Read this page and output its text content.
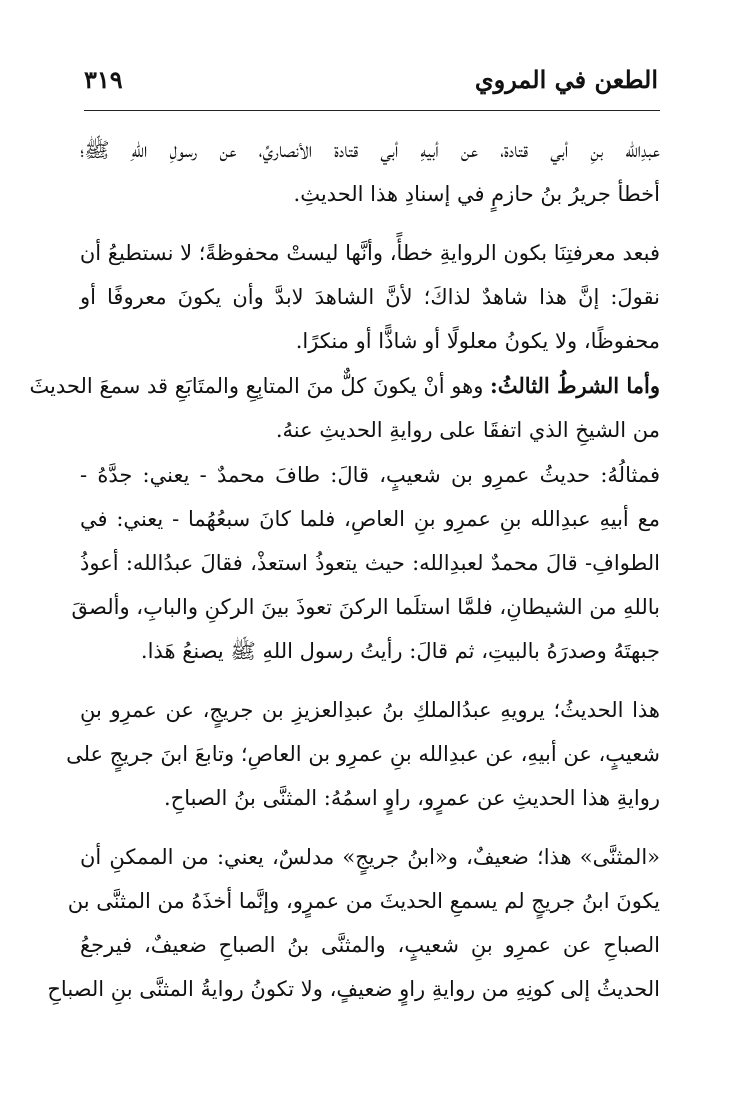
الطعن في المروي
٣١٩
عبدِالله بنِ أبي قتادة، عن أبيهِ أبي قتادة الأنصاريِّ، عن رسولِ اللهِ ﷺ؛
أخطأ جريرُ بنُ حازمٍ في إسنادِ هذا الحديثِ.
فبعد معرفتِنَا بكون الروايةِ خطأً، وأنَّها ليستْ محفوظةً؛ لا نستطيعُ أن
نقولَ: إنَّ هذا شاهدٌ لذاكَ؛ لأنَّ الشاهدَ لابدَّ وأن يكونَ معروفًا أو
محفوظًا، ولا يكونُ معلولًا أو شاذًّا أو منكرًا.
وأما الشرطُ الثالثُ: وهو أنْ يكونَ كلٌّ منَ المتابِعِ والمتَابَعِ قد سمعَ الحديثَ
من الشيخِ الذي اتفقَا على روايةِ الحديثِ عنهُ.
فمثالُهُ: حديثُ عمرِو بن شعيبٍ، قالَ: طافَ محمدٌ - يعني: جدَّهُ -
مع أبيهِ عبدِالله بنِ عمرِو بنِ العاصِ، فلما كانَ سبعُهُما - يعني: في
الطوافِ- قالَ محمدٌ لعبدِالله: حيث يتعوذُ استعذْ، فقالَ عبدُالله: أعوذُ
باللهِ من الشيطانِ، فلمَّا استلَما الركنَ تعوذَ بينَ الركنِ والبابِ، وألصقَ
جبهتَهُ وصدرَهُ بالبيتِ، ثم قالَ: رأيتُ رسول اللهِ ﷺ يصنعُ هَذا.
هذا الحديثُ؛ يرويهِ عبدُالملكِ بنُ عبدِالعزيزِ بن جريجٍ، عن عمرِو بنِ
شعيبٍ، عن أبيهِ، عن عبدِالله بنِ عمرِو بن العاصِ؛ وتابعَ ابنَ جريجٍ على
روايةِ هذا الحديثِ عن عمرٍو، راوٍ اسمُهُ: المثنَّى بنُ الصباحِ.
«المثنَّى» هذا؛ ضعيفٌ، و«ابنُ جريجٍ» مدلسٌ، يعني: من الممكنِ أن
يكونَ ابنُ جريجٍ لم يسمعِ الحديثَ من عمرٍو، وإنَّما أخذَهُ من المثنَّى بن
الصباحِ عن عمرِو بنِ شعيبٍ، والمثنَّى بنُ الصباحِ ضعيفٌ، فيرجعُ
الحديثُ إلى كونِهِ من روايةِ راوٍ ضعيفٍ، ولا تكونُ روايةُ المثنَّى بنِ الصباحِ
